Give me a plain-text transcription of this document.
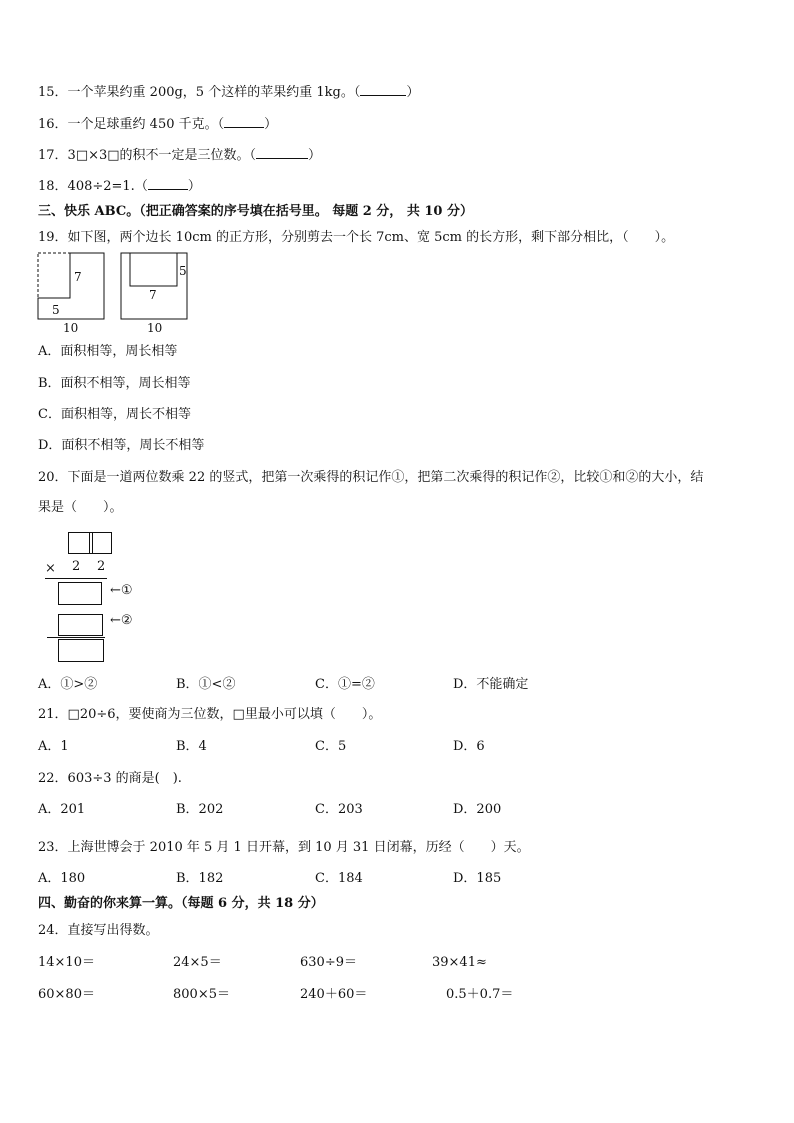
15．一个苹果约重 200g，5 个这样的苹果约重 1kg。（	）
16．一个足球重约 450 千克。（	）
17．3□×3□的积不一定是三位数。（	）
18．408÷2=1.（	）
三、快乐 ABC。（把正确答案的序号填在括号里。 每题 2 分， 共 10 分）
19．如下图，两个边长 10cm 的正方形，分别剪去一个长 7cm、宽 5cm 的长方形，剩下部分相比，（　　）。
7
5
10
5
7
10
A．面积相等，周长相等
B．面积不相等，周长相等
C．面积相等，周长不相等
D．面积不相等，周长不相等
20．下面是一道两位数乘 22 的竖式，把第一次乘得的积记作①，把第二次乘得的积记作②，比较①和②的大小，结
果是（　　）。
× 2 2
←①
←②
A．①>②	B．①<②	C．①=②	D．不能确定
21．□20÷6，要使商为三位数，□里最小可以填（　　）。
A．1	B．4	C．5	D．6
22．603÷3 的商是(　).
A．201	B．202	C．203	D．200
23．上海世博会于 2010 年 5 月 1 日开幕，到 10 月 31 日闭幕，历经（　　）天。
A．180	B．182	C．184	D．185
四、勤奋的你来算一算。（每题 6 分，共 18 分）
24．直接写出得数。
14×10＝	24×5＝	630÷9＝	39×41≈
60×80＝	800×5＝	240＋60＝	0.5＋0.7＝
